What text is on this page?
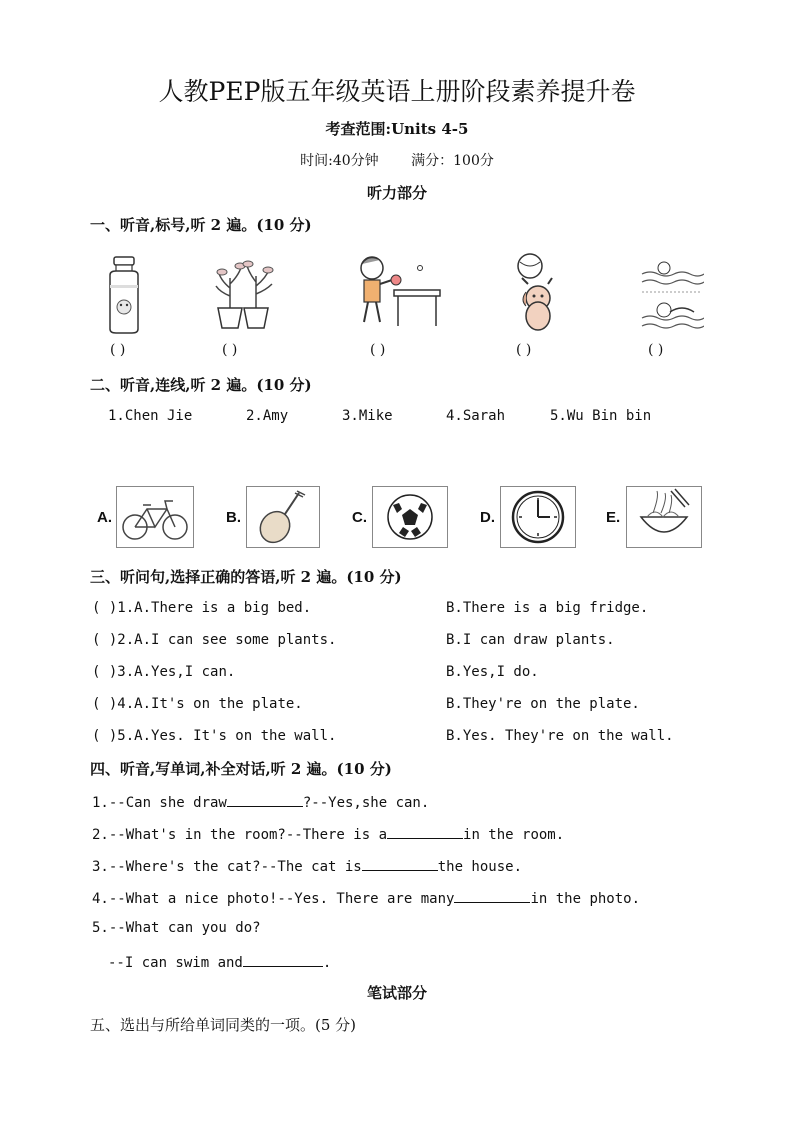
人教PEP版五年级英语上册阶段素养提升卷
考查范围:Units 4-5
时间:40分钟 满分：100分
听力部分
一、听音,标号,听 2 遍。(10 分)
( )	( )	( )	( )	( )
二、听音,连线,听 2 遍。(10 分)
1.Chen Jie	2.Amy	3.Mike	4.Sarah	5.Wu Bin bin
A.	B.	C.	D.	E.
三、听问句,选择正确的答语,听 2 遍。(10 分)
( )1.A.There is a big bed.	B.There is a big fridge.
( )2.A.I can see some plants.	B.I can draw plants.
( )3.A.Yes,I can.	B.Yes,I do.
( )4.A.It's on the plate.	B.They're on the plate.
( )5.A.Yes. It's on the wall.	B.Yes. They're on the wall.
四、听音,写单词,补全对话,听 2 遍。(10 分)
1.--Can she draw	?--Yes,she can.
2.--What's in the room?--There is a	in the room.
3.--Where's the cat?--The cat is	the house.
4.--What a nice photo!--Yes. There are many	in the photo.
5.--What can you do?
--I can swim and	.
笔试部分
五、选出与所给单词同类的一项。(5 分)
